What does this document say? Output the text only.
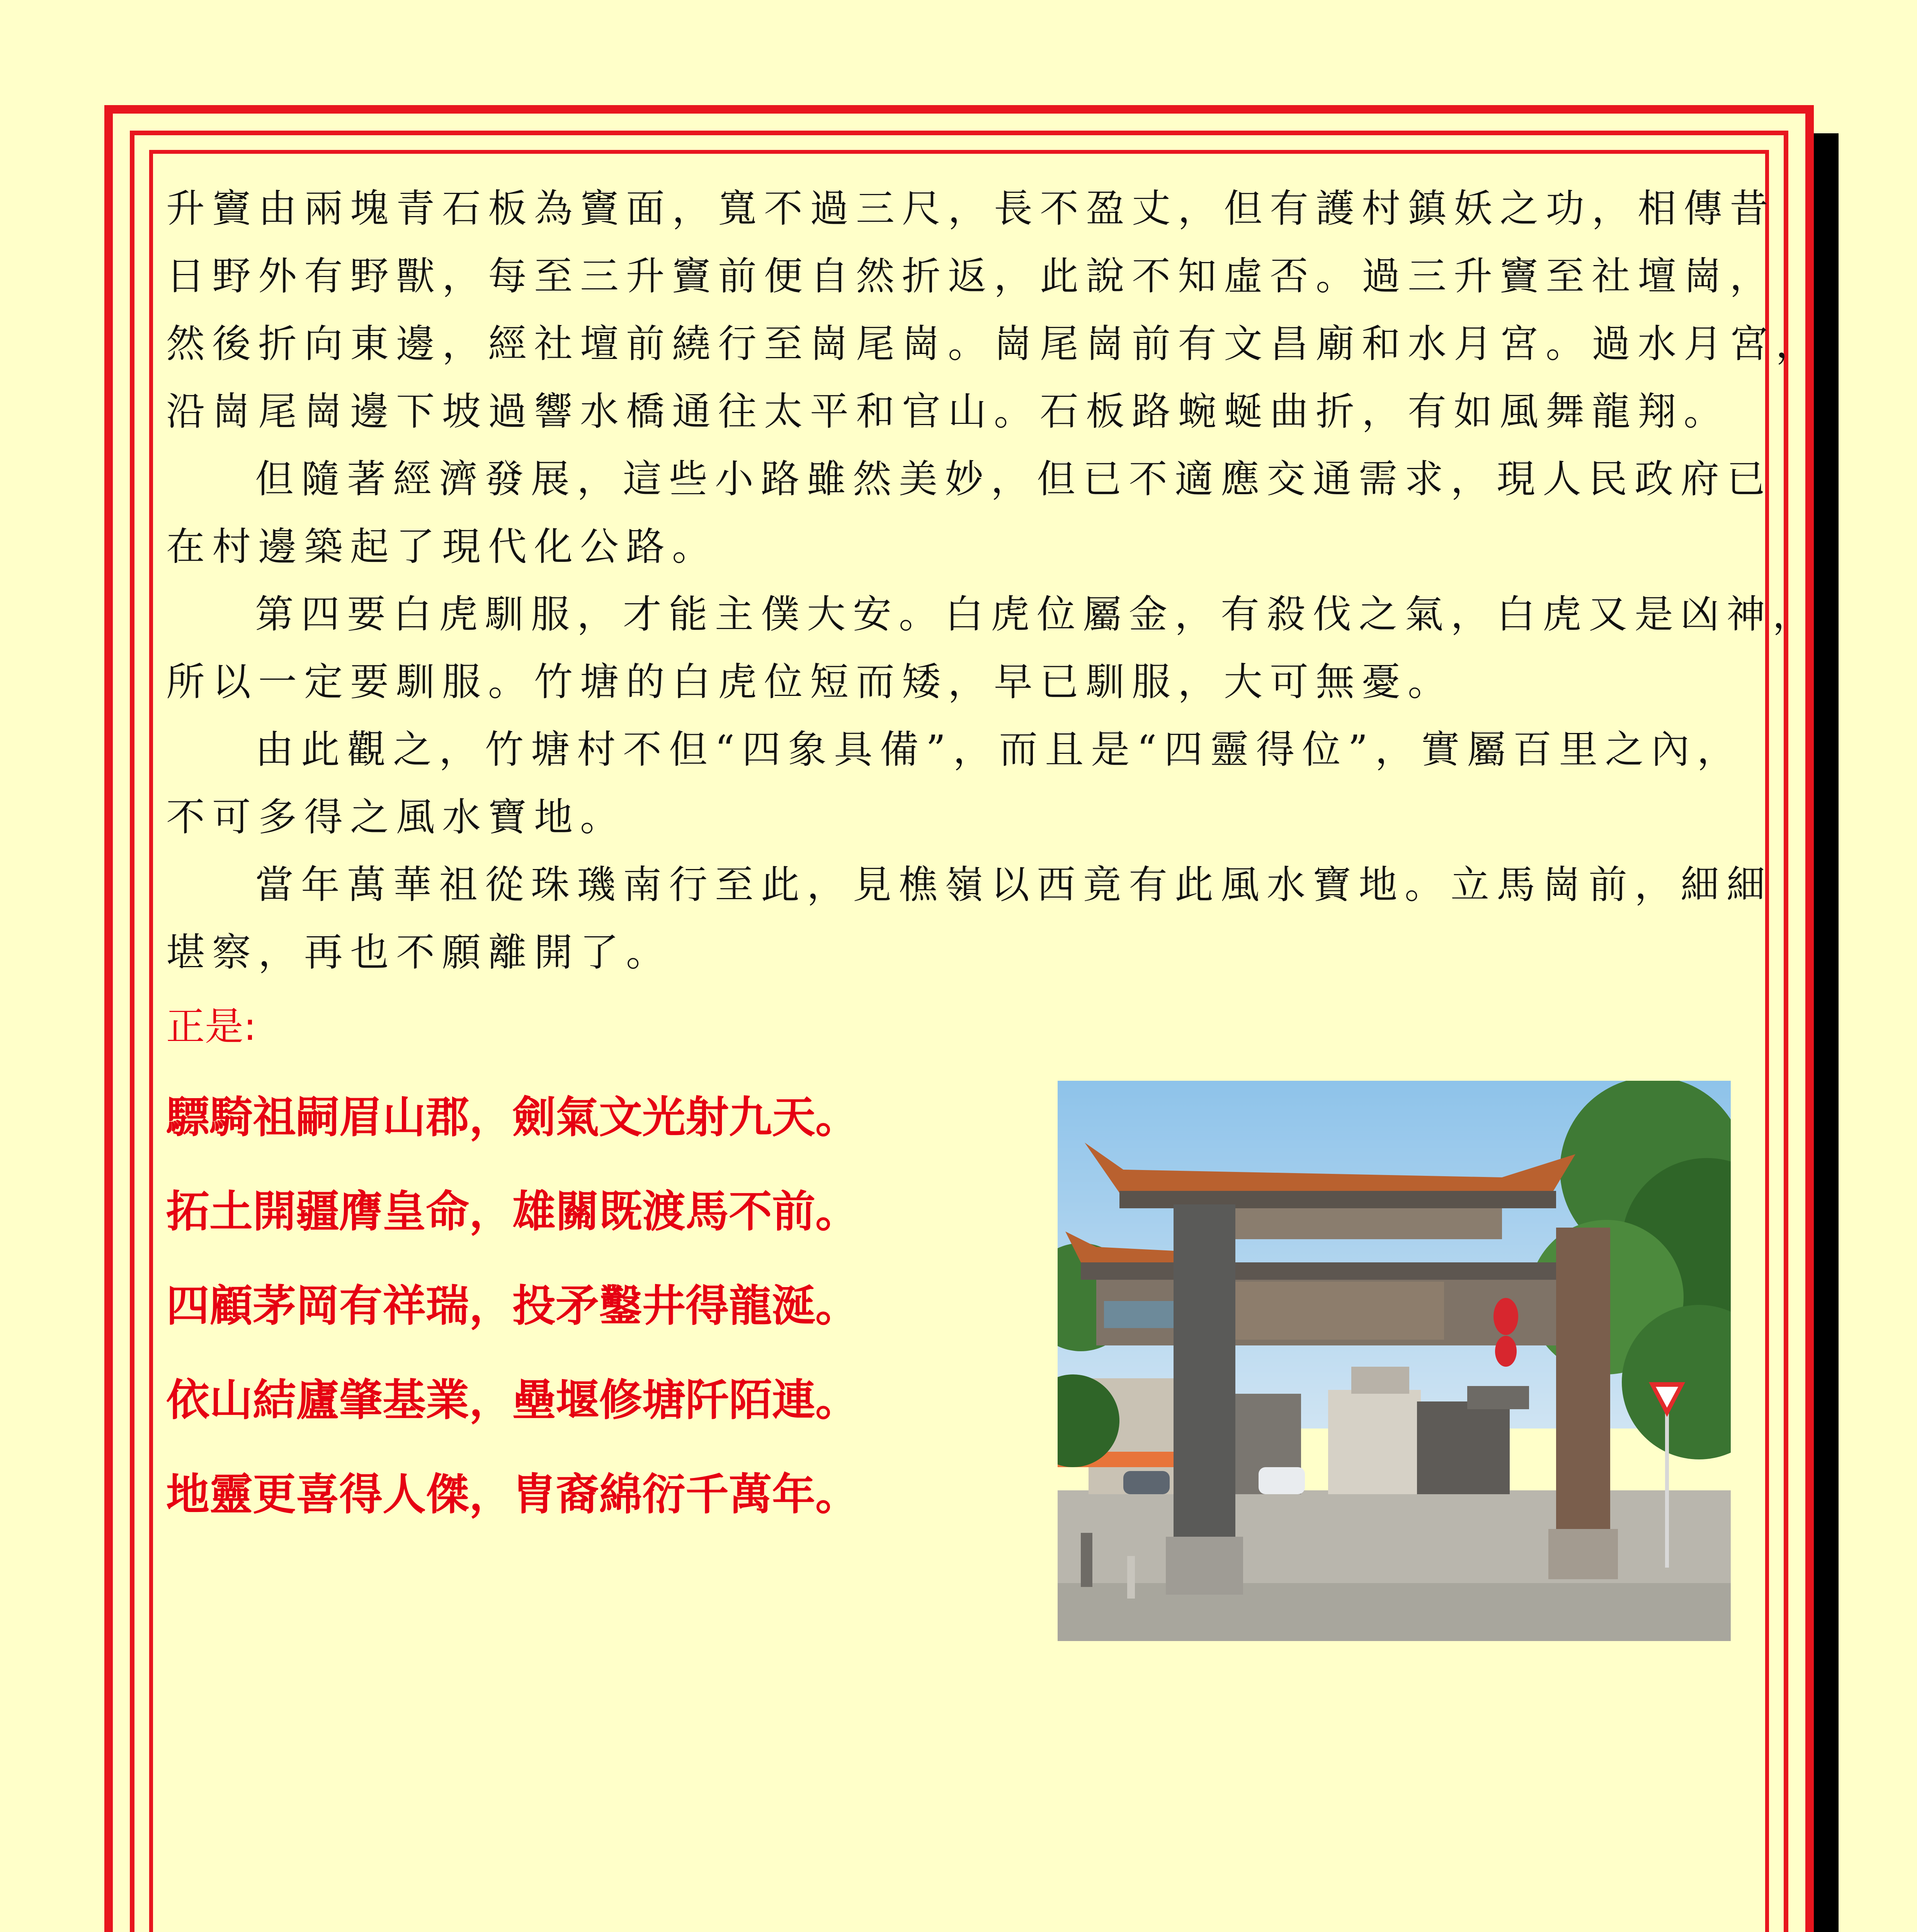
升竇由兩塊青石板為竇面，寬不過三尺，長不盈丈，但有護村鎮妖之功，相傳昔

日野外有野獸，每至三升竇前便自然折返，此說不知虛否。過三升竇至社壇崗，

然後折向東邊，經社壇前繞行至崗尾崗。崗尾崗前有文昌廟和水月宮。過水月宮，

沿崗尾崗邊下坡過響水橋通往太平和官山。石板路蜿蜒曲折，有如風舞龍翔。

但隨著經濟發展，這些小路雖然美妙，但已不適應交通需求，現人民政府已

在村邊築起了現代化公路。

第四要白虎馴服，才能主僕大安。白虎位屬金，有殺伐之氣，白虎又是凶神，

所以一定要馴服。竹塘的白虎位短而矮，早已馴服，大可無憂。

由此觀之，竹塘村不但“四象具備”，而且是“四靈得位”，實屬百里之內，

不可多得之風水寶地。

當年萬華祖從珠璣南行至此，見樵嶺以西竟有此風水寶地。立馬崗前，細細

堪察，再也不願離開了。

正是:

驃騎祖嗣眉山郡，劍氣文光射九天。

拓土開疆膺皇命，雄關既渡馬不前。

四顧茅岡有祥瑞，投矛鑿井得龍涎。

依山結廬肇基業，壘堰修塘阡陌連。

地靈更喜得人傑，胄裔綿衍千萬年。
